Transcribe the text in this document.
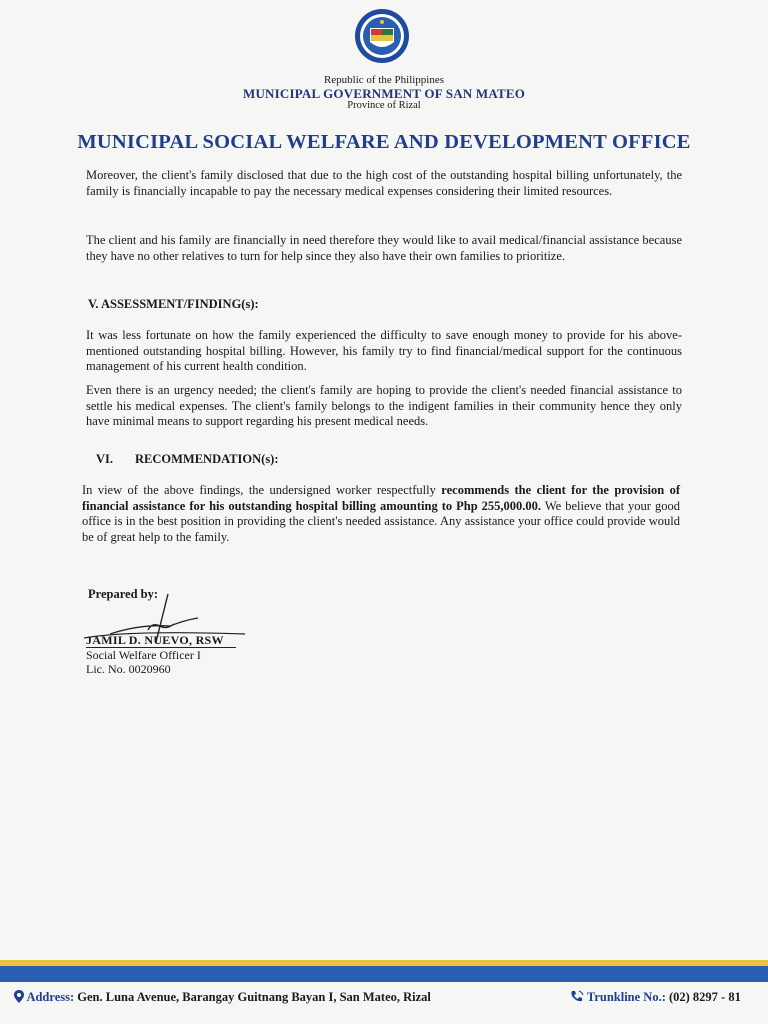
Republic of the Philippines
MUNICIPAL GOVERNMENT OF SAN MATEO
Province of Rizal
MUNICIPAL SOCIAL WELFARE AND DEVELOPMENT OFFICE

Moreover, the client's family disclosed that due to the high cost of the outstanding hospital billing unfortunately, the family is financially incapable to pay the necessary medical expenses considering their limited resources.

The client and his family are financially in need therefore they would like to avail medical/financial assistance because they have no other relatives to turn for help since they also have their own families to prioritize.

V. ASSESSMENT/FINDING(s):

It was less fortunate on how the family experienced the difficulty to save enough money to provide for his above-mentioned outstanding hospital billing. However, his family try to find financial/medical support for the continuous management of his current health condition.

Even there is an urgency needed; the client's family are hoping to provide the client's needed financial assistance to settle his medical expenses. The client's family belongs to the indigent families in their community hence they only have minimal means to support regarding his present medical needs.

VI. RECOMMENDATION(s):

In view of the above findings, the undersigned worker respectfully recommends the client for the provision of financial assistance for his outstanding hospital billing amounting to Php 255,000.00. We believe that your good office is in the best position in providing the client's needed assistance. Any assistance your office could provide would be of great help to the family.

Prepared by:
JAMIL D. NUEVO, RSW
Social Welfare Officer I
Lic. No. 0020960
Address: Gen. Luna Avenue, Barangay Guitnang Bayan I, San Mateo, Rizal	Trunkline No.: (02) 8297 - 81
